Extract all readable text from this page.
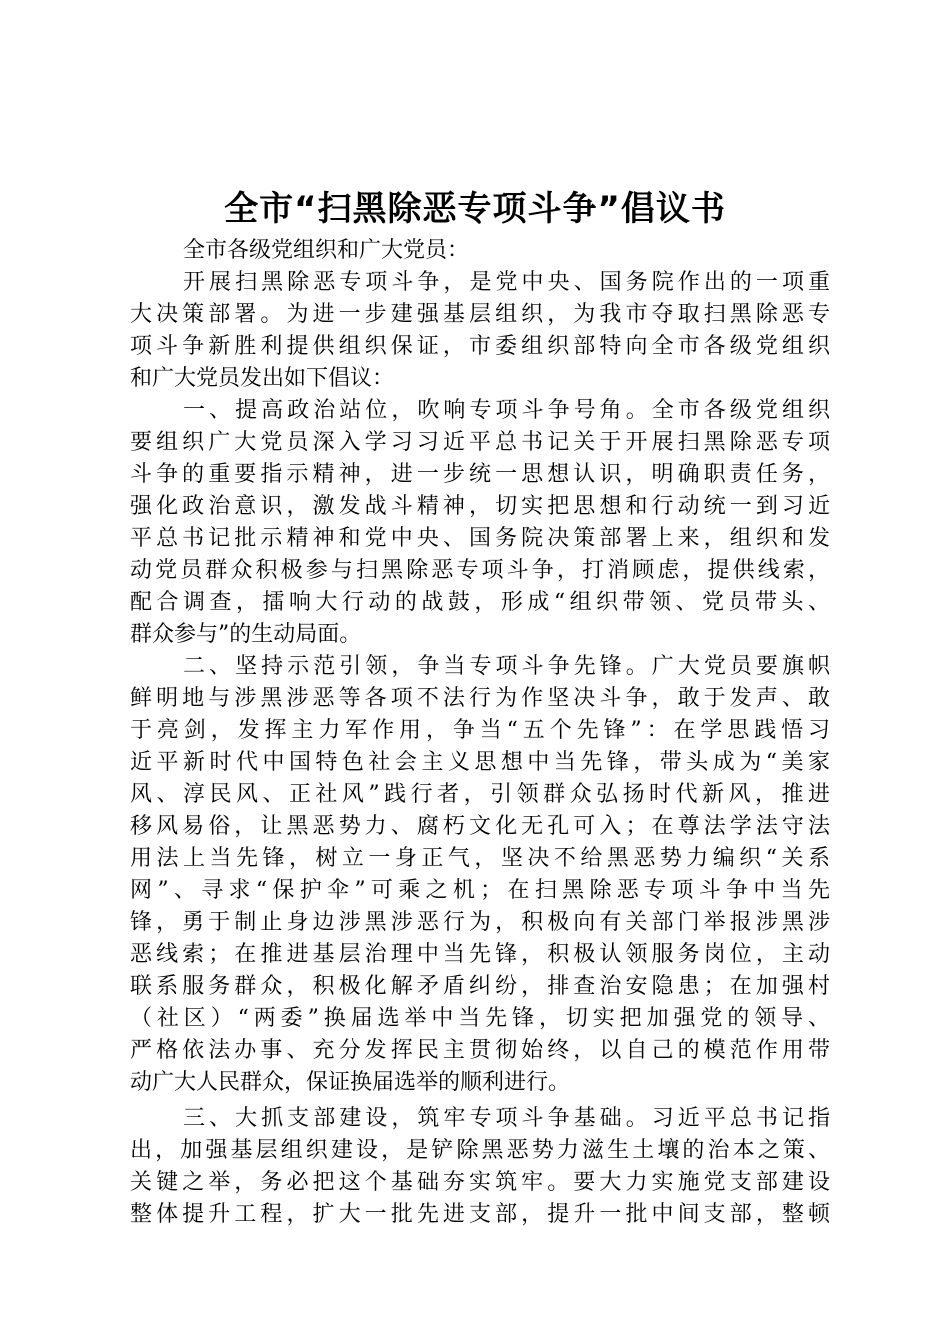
全市“扫黑除恶专项斗争”倡议书

全市各级党组织和广大党员：

开展扫黑除恶专项斗争，是党中央、国务院作出的一项重

大决策部署。为进一步建强基层组织，为我市夺取扫黑除恶专

项斗争新胜利提供组织保证，市委组织部特向全市各级党组织

和广大党员发出如下倡议：

一、提高政治站位，吹响专项斗争号角。全市各级党组织

要组织广大党员深入学习习近平总书记关于开展扫黑除恶专项

斗争的重要指示精神，进一步统一思想认识，明确职责任务，

强化政治意识，激发战斗精神，切实把思想和行动统一到习近

平总书记批示精神和党中央、国务院决策部署上来，组织和发

动党员群众积极参与扫黑除恶专项斗争，打消顾虑，提供线索，

配合调查，擂响大行动的战鼓，形成“组织带领、党员带头、

群众参与”的生动局面。

二、坚持示范引领，争当专项斗争先锋。广大党员要旗帜

鲜明地与涉黑涉恶等各项不法行为作坚决斗争，敢于发声、敢

于亮剑，发挥主力军作用，争当“五个先锋”：在学思践悟习

近平新时代中国特色社会主义思想中当先锋，带头成为“美家

风、淳民风、正社风”践行者，引领群众弘扬时代新风，推进

移风易俗，让黑恶势力、腐朽文化无孔可入；在尊法学法守法

用法上当先锋，树立一身正气，坚决不给黑恶势力编织“关系

网”、寻求“保护伞”可乘之机；在扫黑除恶专项斗争中当先

锋，勇于制止身边涉黑涉恶行为，积极向有关部门举报涉黑涉

恶线索；在推进基层治理中当先锋，积极认领服务岗位，主动

联系服务群众，积极化解矛盾纠纷，排查治安隐患；在加强村

（社区）“两委”换届选举中当先锋，切实把加强党的领导、

严格依法办事、充分发挥民主贯彻始终，以自己的模范作用带

动广大人民群众，保证换届选举的顺利进行。

三、大抓支部建设，筑牢专项斗争基础。习近平总书记指

出，加强基层组织建设，是铲除黑恶势力滋生土壤的治本之策、

关键之举，务必把这个基础夯实筑牢。要大力实施党支部建设

整体提升工程，扩大一批先进支部，提升一批中间支部，整顿
